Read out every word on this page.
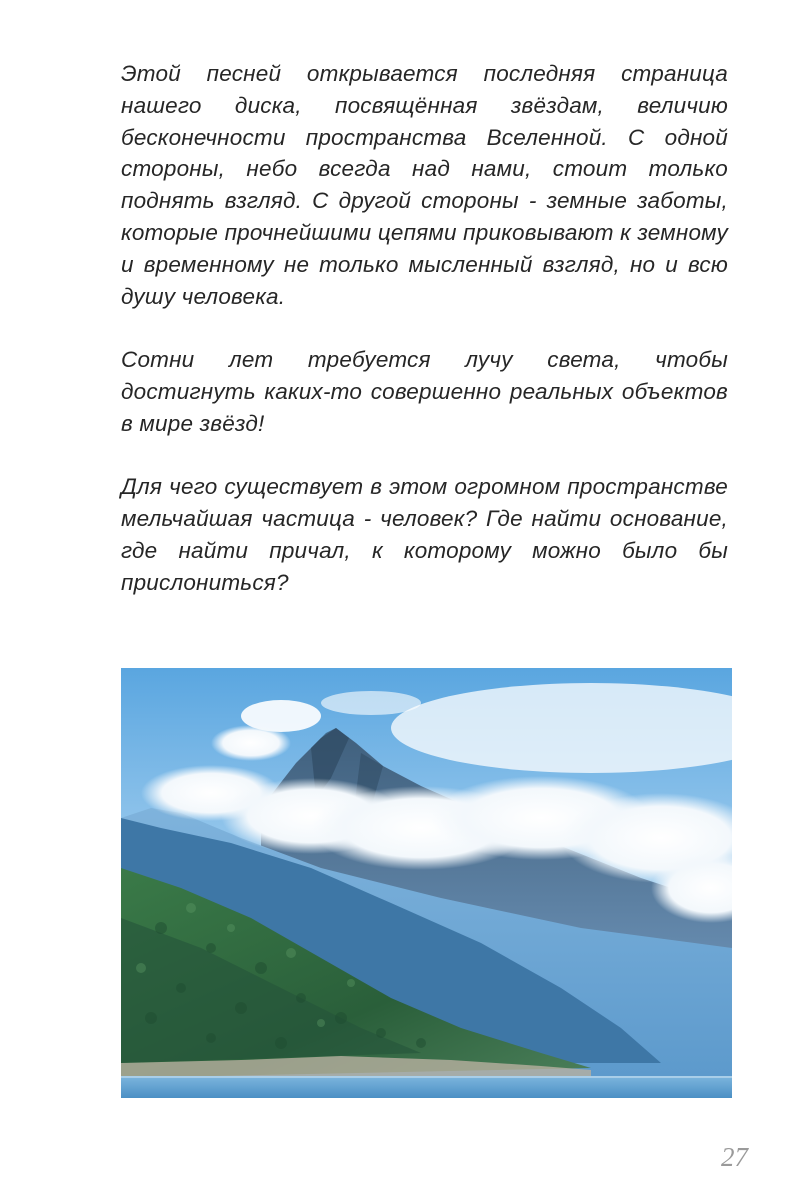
Этой песней открывается последняя страница нашего диска, посвящённая звёздам, величию бесконечности пространства Вселенной. С одной стороны, небо всегда над нами, стоит только поднять взгляд. С другой стороны - земные заботы, которые прочнейшими цепями приковывают к земному и временному не только мысленный взгляд, но и всю душу человека.

Сотни лет требуется лучу света, чтобы достигнуть каких-то совершенно реальных объектов в мире звёзд!

Для чего существует в этом огромном пространстве мельчайшая частица - человек? Где найти основание, где найти причал, к которому можно было бы прислониться?

27
